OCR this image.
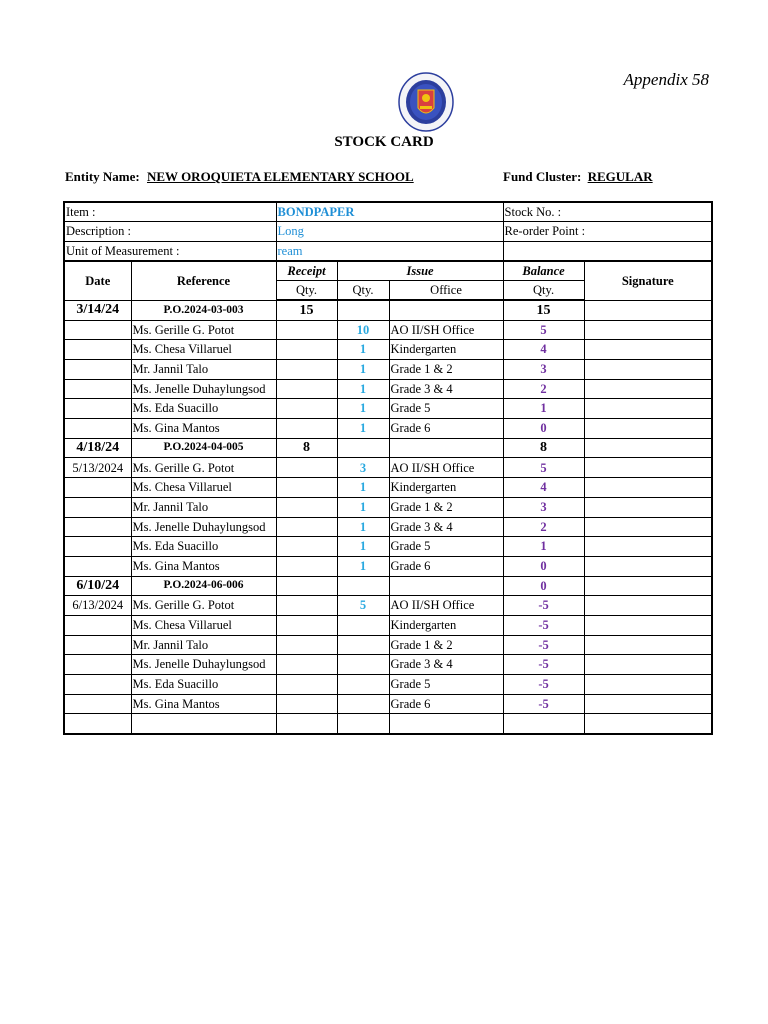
Appendix 58
STOCK CARD
Entity Name: NEW OROQUIETA ELEMENTARY SCHOOL	Fund Cluster: REGULAR
Item :		BONDPAPER			Stock No. :	
Description :		Long			Re-order Point :	
Unit of Measurement :		ream				
Date	Reference	Receipt	Issue		Balance	Signature
		Qty.	Qty.	Office	Qty.	
3/14/24	P.O.2024-03-003	15			15	
	Ms. Gerille G. Potot		10	AO II/SH Office	5	
	Ms. Chesa Villaruel		1	Kindergarten	4	
	Mr. Jannil Talo		1	Grade 1 & 2	3	
	Ms. Jenelle Duhaylungsod		1	Grade 3 & 4	2	
	Ms. Eda Suacillo		1	Grade 5	1	
	Ms. Gina Mantos		1	Grade 6	0	
4/18/24	P.O.2024-04-005	8			8	
5/13/2024	Ms. Gerille G. Potot		3	AO II/SH Office	5	
	Ms. Chesa Villaruel		1	Kindergarten	4	
	Mr. Jannil Talo		1	Grade 1 & 2	3	
	Ms. Jenelle Duhaylungsod		1	Grade 3 & 4	2	
	Ms. Eda Suacillo		1	Grade 5	1	
	Ms. Gina Mantos		1	Grade 6	0	
6/10/24	P.O.2024-06-006				0	
6/13/2024	Ms. Gerille G. Potot		5	AO II/SH Office	-5	
	Ms. Chesa Villaruel			Kindergarten	-5	
	Mr. Jannil Talo			Grade 1 & 2	-5	
	Ms. Jenelle Duhaylungsod			Grade 3 & 4	-5	
	Ms. Eda Suacillo			Grade 5	-5	
	Ms. Gina Mantos			Grade 6	-5	
